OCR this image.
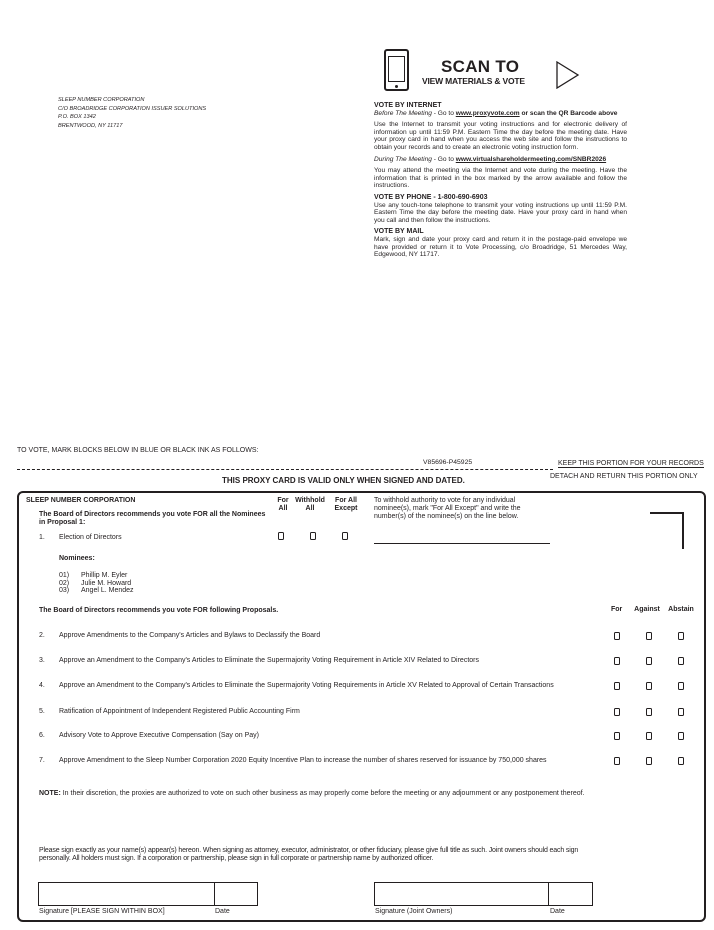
SLEEP NUMBER CORPORATION
C/O BROADRIDGE CORPORATION ISSUER SOLUTIONS
P.O. BOX 1342
BRENTWOOD, NY 11717
SCAN TO
VIEW MATERIALS & VOTE
VOTE BY INTERNET
Before The Meeting - Go to www.proxyvote.com or scan the QR Barcode above
Use the Internet to transmit your voting instructions and for electronic delivery of information up until 11:59 P.M. Eastern Time the day before the meeting date. Have your proxy card in hand when you access the web site and follow the instructions to obtain your records and to create an electronic voting instruction form.
During The Meeting - Go to www.virtualshareholdermeeting.com/SNBR2026
You may attend the meeting via the Internet and vote during the meeting. Have the information that is printed in the box marked by the arrow available and follow the instructions.
VOTE BY PHONE - 1-800-690-6903
Use any touch-tone telephone to transmit your voting instructions up until 11:59 P.M. Eastern Time the day before the meeting date. Have your proxy card in hand when you call and then follow the instructions.
VOTE BY MAIL
Mark, sign and date your proxy card and return it in the postage-paid envelope we have provided or return it to Vote Processing, c/o Broadridge, 51 Mercedes Way, Edgewood, NY 11717.
TO VOTE, MARK BLOCKS BELOW IN BLUE OR BLACK INK AS FOLLOWS:
V85696-P45925	KEEP THIS PORTION FOR YOUR RECORDS
DETACH AND RETURN THIS PORTION ONLY
THIS PROXY CARD IS VALID ONLY WHEN SIGNED AND DATED.
SLEEP NUMBER CORPORATION
The Board of Directors recommends you vote FOR all the Nominees in Proposal 1:
For All
Withhold All
For All Except
To withhold authority to vote for any individual nominee(s), mark "For All Except" and write the number(s) of the nominee(s) on the line below.
1. Election of Directors
Nominees:
01) Phillip M. Eyler
02) Julie M. Howard
03) Angel L. Mendez
The Board of Directors recommends you vote FOR following Proposals.	For	Against	Abstain
2. Approve Amendments to the Company's Articles and Bylaws to Declassify the Board
3. Approve an Amendment to the Company's Articles to Eliminate the Supermajority Voting Requirement in Article XIV Related to Directors
4. Approve an Amendment to the Company's Articles to Eliminate the Supermajority Voting Requirements in Article XV Related to Approval of Certain Transactions
5. Ratification of Appointment of Independent Registered Public Accounting Firm
6. Advisory Vote to Approve Executive Compensation (Say on Pay)
7. Approve Amendment to the Sleep Number Corporation 2020 Equity Incentive Plan to increase the number of shares reserved for issuance by 750,000 shares
NOTE: In their discretion, the proxies are authorized to vote on such other business as may properly come before the meeting or any adjournment or any postponement thereof.
Please sign exactly as your name(s) appear(s) hereon. When signing as attorney, executor, administrator, or other fiduciary, please give full title as such. Joint owners should each sign personally. All holders must sign. If a corporation or partnership, please sign in full corporate or partnership name by authorized officer.
Signature [PLEASE SIGN WITHIN BOX]	Date	Signature (Joint Owners)	Date
